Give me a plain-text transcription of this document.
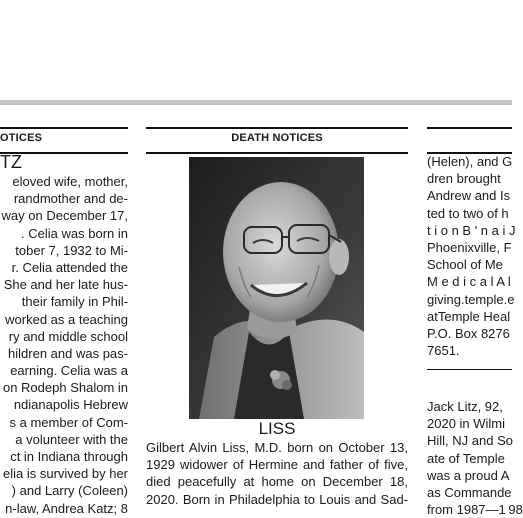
OTICES
TZ
eloved wife, mother,
randmother and de-
way on December 17,
. Celia was born in
tober 7, 1932 to Mi-
r. Celia attended the
She and her late hus-
their family in Phil-
worked as a teaching
ry and middle school
hildren and was pas-
earning. Celia was a
on Rodeph Shalom in
ndianapolis Hebrew
s a member of Com-
a volunteer with the
ct in Indiana through
elia is survived by her
) and Larry (Coleen)
n-law, Andrea Katz; 8
DEATH NOTICES
LISS
Gilbert Alvin Liss, M.D. born on October 13,
1929 widower of Hermine and father of five,
died peacefully at home on December 18,
2020. Born in Philadelphia to Louis and Sad-
(Helen), and G
dren brought
Andrew and Is
ted to two of h
t i o n B ' n a i J
Phoenixville, F
School of Me
M e d i c a l A l
giving.temple.e
atTemple Heal
P.O. Box 8276
7651.
Jack Litz, 92,
2020 in Wilmi
Hill, NJ and So
ate of Temple
was a proud A
as Commande
from 1987—1 98
